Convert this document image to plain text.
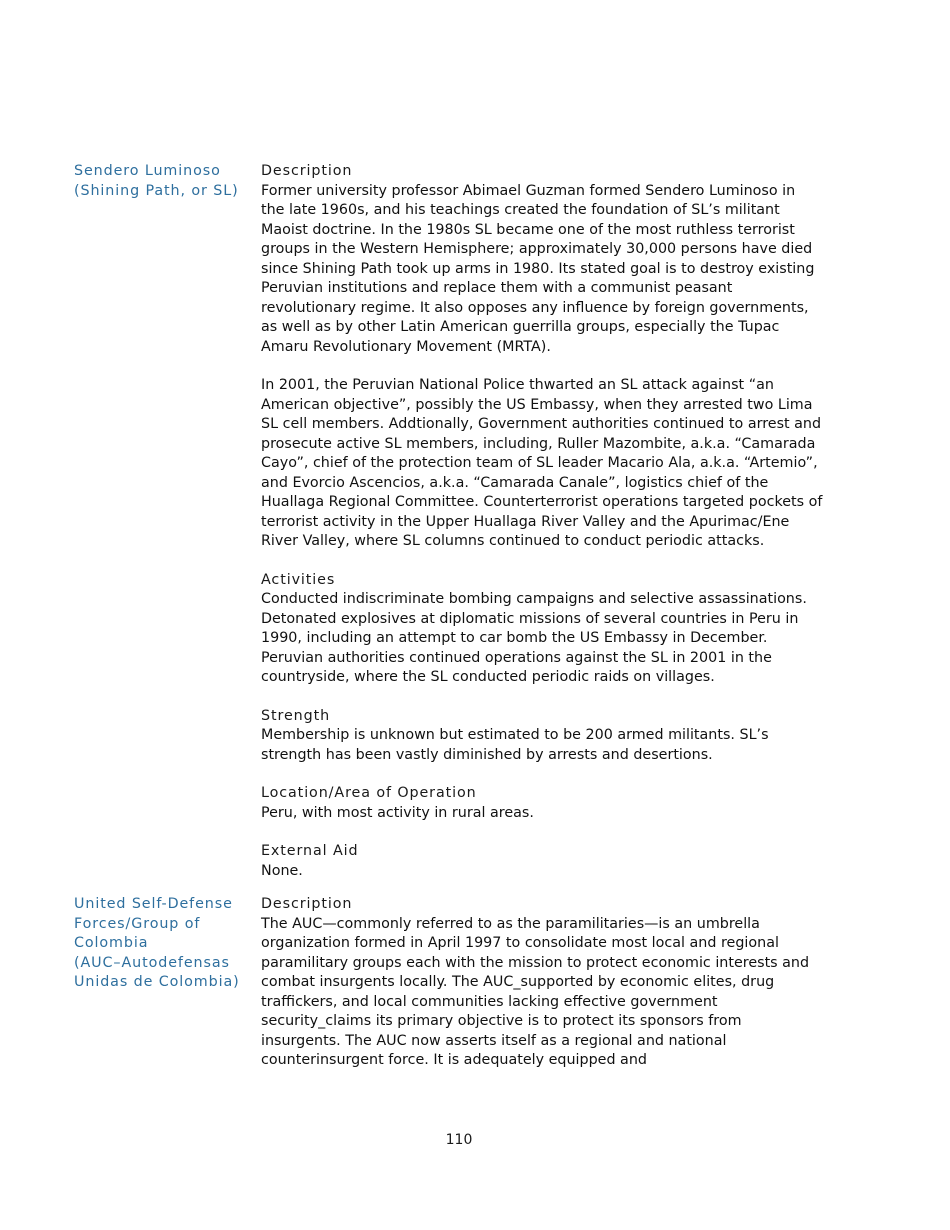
Sendero Luminoso
(Shining Path, or SL)
Description

Former university professor Abimael Guzman formed Sendero Luminoso in the late 1960s, and his teachings created the foundation of SL’s militant Maoist doctrine. In the 1980s SL became one of the most ruthless terrorist groups in the Western Hemisphere; approximately 30,000 persons have died since Shining Path took up arms in 1980. Its stated goal is to destroy existing Peruvian institutions and replace them with a communist peasant revolutionary regime. It also opposes any influence by foreign governments, as well as by other Latin American guerrilla groups, especially the Tupac Amaru Revolutionary Movement (MRTA).

In 2001, the Peruvian National Police thwarted an SL attack against “an American objective”, possibly the US Embassy, when they arrested two Lima SL cell members. Addtionally, Government authorities continued to arrest and prosecute active SL members, including, Ruller Mazombite, a.k.a. “Camarada Cayo”, chief of the protection team of SL leader Macario Ala, a.k.a. “Artemio”, and Evorcio Ascencios, a.k.a. “Camarada Canale”, logistics chief of the Huallaga Regional Committee. Counterterrorist operations targeted pockets of terrorist activity in the Upper Huallaga River Valley and the Apurimac/Ene River Valley, where SL columns continued to conduct periodic attacks.

Activities

Conducted indiscriminate bombing campaigns and selective assassinations. Detonated explosives at diplomatic missions of several countries in Peru in 1990, including an attempt to car bomb the US Embassy in December. Peruvian authorities continued operations against the SL in 2001 in the countryside, where the SL conducted periodic raids on villages.

Strength

Membership is unknown but estimated to be 200 armed militants. SL’s strength has been vastly diminished by arrests and desertions.

Location/Area of Operation

Peru, with most activity in rural areas.

External Aid

None.

United Self-Defense
Forces/Group of
Colombia
(AUC–Autodefensas
Unidas de Colombia)
Description

The AUC—commonly referred to as the paramilitaries—is an umbrella organization formed in April 1997 to consolidate most local and regional paramilitary groups each with the mission to protect economic interests and combat insurgents locally. The AUC_supported by economic elites, drug traffickers, and local communities lacking effective government security_claims its primary objective is to protect its sponsors from insurgents. The AUC now asserts itself as a regional and national counterinsurgent force. It is adequately equipped and

110
